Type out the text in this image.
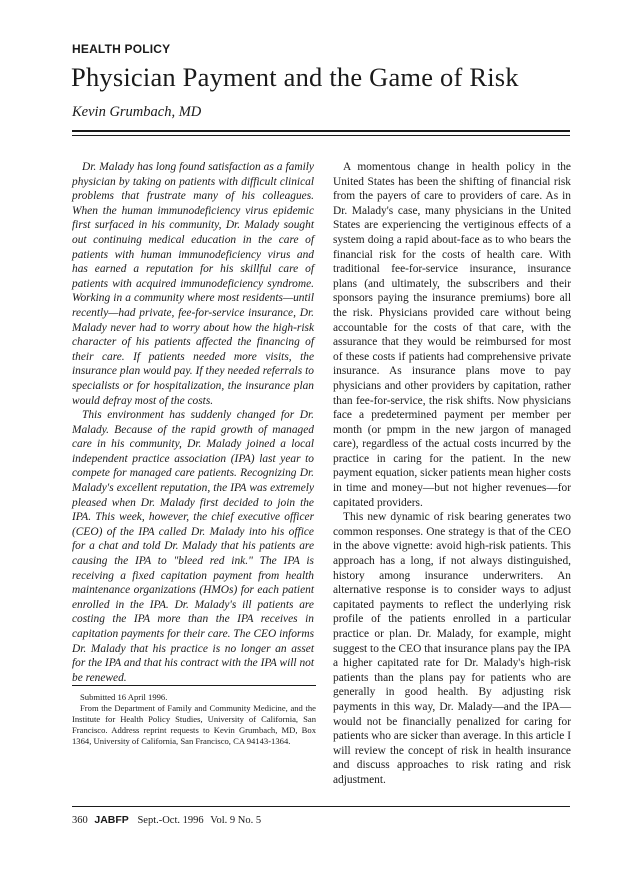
HEALTH POLICY
Physician Payment and the Game of Risk
Kevin Grumbach, MD

Dr. Malady has long found satisfaction as a family physician by taking on patients with difficult clinical problems that frustrate many of his colleagues. When the human immunodeficiency virus epidemic first surfaced in his community, Dr. Malady sought out continuing medical education in the care of patients with human immunodeficiency virus and has earned a reputation for his skillful care of patients with acquired immunodeficiency syndrome. Working in a community where most residents—until recently—had private, fee-for-service insurance, Dr. Malady never had to worry about how the high-risk character of his patients affected the financing of their care. If patients needed more visits, the insurance plan would pay. If they needed referrals to specialists or for hospitalization, the insurance plan would defray most of the costs.

This environment has suddenly changed for Dr. Malady. Because of the rapid growth of managed care in his community, Dr. Malady joined a local independent practice association (IPA) last year to compete for managed care patients. Recognizing Dr. Malady's excellent reputation, the IPA was extremely pleased when Dr. Malady first decided to join the IPA. This week, however, the chief executive officer (CEO) of the IPA called Dr. Malady into his office for a chat and told Dr. Malady that his patients are causing the IPA to "bleed red ink." The IPA is receiving a fixed capitation payment from health maintenance organizations (HMOs) for each patient enrolled in the IPA. Dr. Malady's ill patients are costing the IPA more than the IPA receives in capitation payments for their care. The CEO informs Dr. Malady that his practice is no longer an asset for the IPA and that his contract with the IPA will not be renewed.

Submitted 16 April 1996.

From the Department of Family and Community Medicine, and the Institute for Health Policy Studies, University of California, San Francisco. Address reprint requests to Kevin Grumbach, MD, Box 1364, University of California, San Francisco, CA 94143-1364.

A momentous change in health policy in the United States has been the shifting of financial risk from the payers of care to providers of care. As in Dr. Malady's case, many physicians in the United States are experiencing the vertiginous effects of a system doing a rapid about-face as to who bears the financial risk for the costs of health care. With traditional fee-for-service insurance, insurance plans (and ultimately, the subscribers and their sponsors paying the insurance premiums) bore all the risk. Physicians provided care without being accountable for the costs of that care, with the assurance that they would be reimbursed for most of these costs if patients had comprehensive private insurance. As insurance plans move to pay physicians and other providers by capitation, rather than fee-for-service, the risk shifts. Now physicians face a predetermined payment per member per month (or pmpm in the new jargon of managed care), regardless of the actual costs incurred by the practice in caring for the patient. In the new payment equation, sicker patients mean higher costs in time and money—but not higher revenues—for capitated providers.

This new dynamic of risk bearing generates two common responses. One strategy is that of the CEO in the above vignette: avoid high-risk patients. This approach has a long, if not always distinguished, history among insurance underwriters. An alternative response is to consider ways to adjust capitated payments to reflect the underlying risk profile of the patients enrolled in a particular practice or plan. Dr. Malady, for example, might suggest to the CEO that insurance plans pay the IPA a higher capitated rate for Dr. Malady's high-risk patients than the plans pay for patients who are generally in good health. By adjusting risk payments in this way, Dr. Malady—and the IPA—would not be financially penalized for caring for patients who are sicker than average. In this article I will review the concept of risk in health insurance and discuss approaches to risk rating and risk adjustment.

360 JABFP Sept.-Oct. 1996 Vol. 9 No. 5
